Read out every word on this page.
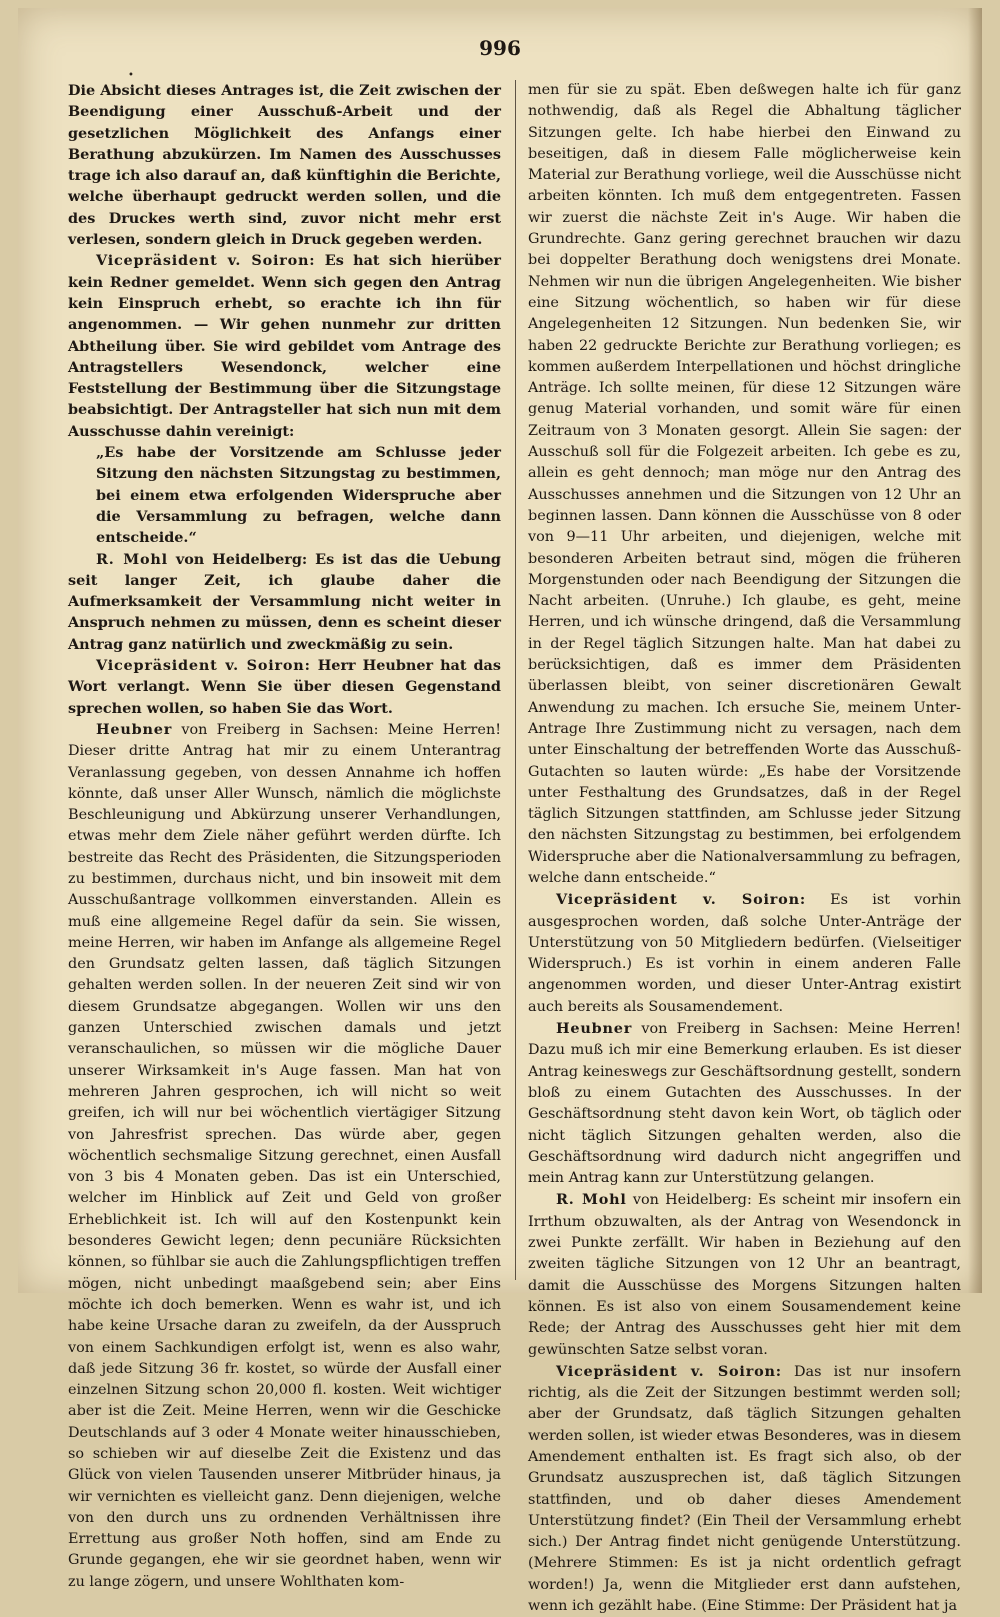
996
•

Die Absicht dieses Antrages ist, die Zeit zwischen der Beendigung einer Ausschuß-Arbeit und der gesetzlichen Möglichkeit des Anfangs einer Berathung abzukürzen. Im Namen des Ausschusses trage ich also darauf an, daß künftighin die Berichte, welche überhaupt gedruckt werden sollen, und die des Druckes werth sind, zuvor nicht mehr erst verlesen, sondern gleich in Druck gegeben werden.

Vicepräsident v. Soiron: Es hat sich hierüber kein Redner gemeldet. Wenn sich gegen den Antrag kein Einspruch erhebt, so erachte ich ihn für angenommen. — Wir gehen nunmehr zur dritten Abtheilung über. Sie wird gebildet vom Antrage des Antragstellers Wesendonck, welcher eine Feststellung der Bestimmung über die Sitzungstage beabsichtigt. Der Antragsteller hat sich nun mit dem Ausschusse dahin vereinigt:

„Es habe der Vorsitzende am Schlusse jeder Sitzung den nächsten Sitzungstag zu bestimmen, bei einem etwa erfolgenden Widerspruche aber die Versammlung zu befragen, welche dann entscheide.“

R. Mohl von Heidelberg: Es ist das die Uebung seit langer Zeit, ich glaube daher die Aufmerksamkeit der Versammlung nicht weiter in Anspruch nehmen zu müssen, denn es scheint dieser Antrag ganz natürlich und zweckmäßig zu sein.

Vicepräsident v. Soiron: Herr Heubner hat das Wort verlangt. Wenn Sie über diesen Gegenstand sprechen wollen, so haben Sie das Wort.

Heubner von Freiberg in Sachsen: Meine Herren! Dieser dritte Antrag hat mir zu einem Unterantrag Veranlassung gegeben, von dessen Annahme ich hoffen könnte, daß unser Aller Wunsch, nämlich die möglichste Beschleunigung und Abkürzung unserer Verhandlungen, etwas mehr dem Ziele näher geführt werden dürfte. Ich bestreite das Recht des Präsidenten, die Sitzungsperioden zu bestimmen, durchaus nicht, und bin insoweit mit dem Ausschußantrage vollkommen einverstanden. Allein es muß eine allgemeine Regel dafür da sein. Sie wissen, meine Herren, wir haben im Anfange als allgemeine Regel den Grundsatz gelten lassen, daß täglich Sitzungen gehalten werden sollen. In der neueren Zeit sind wir von diesem Grundsatze abgegangen. Wollen wir uns den ganzen Unterschied zwischen damals und jetzt veranschaulichen, so müssen wir die mögliche Dauer unserer Wirksamkeit in's Auge fassen. Man hat von mehreren Jahren gesprochen, ich will nicht so weit greifen, ich will nur bei wöchentlich viertägiger Sitzung von Jahresfrist sprechen. Das würde aber, gegen wöchentlich sechsmalige Sitzung gerechnet, einen Ausfall von 3 bis 4 Monaten geben. Das ist ein Unterschied, welcher im Hinblick auf Zeit und Geld von großer Erheblichkeit ist. Ich will auf den Kostenpunkt kein besonderes Gewicht legen; denn pecuniäre Rücksichten können, so fühlbar sie auch die Zahlungspflichtigen treffen mögen, nicht unbedingt maaßgebend sein; aber Eins möchte ich doch bemerken. Wenn es wahr ist, und ich habe keine Ursache daran zu zweifeln, da der Ausspruch von einem Sachkundigen erfolgt ist, wenn es also wahr, daß jede Sitzung 36 fr. kostet, so würde der Ausfall einer einzelnen Sitzung schon 20,000 fl. kosten. Weit wichtiger aber ist die Zeit. Meine Herren, wenn wir die Geschicke Deutschlands auf 3 oder 4 Monate weiter hinausschieben, so schieben wir auf dieselbe Zeit die Existenz und das Glück von vielen Tausenden unserer Mitbrüder hinaus, ja wir vernichten es vielleicht ganz. Denn diejenigen, welche von den durch uns zu ordnenden Verhältnissen ihre Errettung aus großer Noth hoffen, sind am Ende zu Grunde gegangen, ehe wir sie geordnet haben, wenn wir zu lange zögern, und unsere Wohlthaten kom-

men für sie zu spät. Eben deßwegen halte ich für ganz nothwendig, daß als Regel die Abhaltung täglicher Sitzungen gelte. Ich habe hierbei den Einwand zu beseitigen, daß in diesem Falle möglicherweise kein Material zur Berathung vorliege, weil die Ausschüsse nicht arbeiten könnten. Ich muß dem entgegentreten. Fassen wir zuerst die nächste Zeit in's Auge. Wir haben die Grundrechte. Ganz gering gerechnet brauchen wir dazu bei doppelter Berathung doch wenigstens drei Monate. Nehmen wir nun die übrigen Angelegenheiten. Wie bisher eine Sitzung wöchentlich, so haben wir für diese Angelegenheiten 12 Sitzungen. Nun bedenken Sie, wir haben 22 gedruckte Berichte zur Berathung vorliegen; es kommen außerdem Interpellationen und höchst dringliche Anträge. Ich sollte meinen, für diese 12 Sitzungen wäre genug Material vorhanden, und somit wäre für einen Zeitraum von 3 Monaten gesorgt. Allein Sie sagen: der Ausschuß soll für die Folgezeit arbeiten. Ich gebe es zu, allein es geht dennoch; man möge nur den Antrag des Ausschusses annehmen und die Sitzungen von 12 Uhr an beginnen lassen. Dann können die Ausschüsse von 8 oder von 9—11 Uhr arbeiten, und diejenigen, welche mit besonderen Arbeiten betraut sind, mögen die früheren Morgenstunden oder nach Beendigung der Sitzungen die Nacht arbeiten. (Unruhe.) Ich glaube, es geht, meine Herren, und ich wünsche dringend, daß die Versammlung in der Regel täglich Sitzungen halte. Man hat dabei zu berücksichtigen, daß es immer dem Präsidenten überlassen bleibt, von seiner discretionären Gewalt Anwendung zu machen. Ich ersuche Sie, meinem Unter-Antrage Ihre Zustimmung nicht zu versagen, nach dem unter Einschaltung der betreffenden Worte das Ausschuß-Gutachten so lauten würde: „Es habe der Vorsitzende unter Festhaltung des Grundsatzes, daß in der Regel täglich Sitzungen stattfinden, am Schlusse jeder Sitzung den nächsten Sitzungstag zu bestimmen, bei erfolgendem Widerspruche aber die Nationalversammlung zu befragen, welche dann entscheide.“

Vicepräsident v. Soiron: Es ist vorhin ausgesprochen worden, daß solche Unter-Anträge der Unterstützung von 50 Mitgliedern bedürfen. (Vielseitiger Widerspruch.) Es ist vorhin in einem anderen Falle angenommen worden, und dieser Unter-Antrag existirt auch bereits als Sousamendement.

Heubner von Freiberg in Sachsen: Meine Herren! Dazu muß ich mir eine Bemerkung erlauben. Es ist dieser Antrag keineswegs zur Geschäftsordnung gestellt, sondern bloß zu einem Gutachten des Ausschusses. In der Geschäftsordnung steht davon kein Wort, ob täglich oder nicht täglich Sitzungen gehalten werden, also die Geschäftsordnung wird dadurch nicht angegriffen und mein Antrag kann zur Unterstützung gelangen.

R. Mohl von Heidelberg: Es scheint mir insofern ein Irrthum obzuwalten, als der Antrag von Wesendonck in zwei Punkte zerfällt. Wir haben in Beziehung auf den zweiten tägliche Sitzungen von 12 Uhr an beantragt, damit die Ausschüsse des Morgens Sitzungen halten können. Es ist also von einem Sousamendement keine Rede; der Antrag des Ausschusses geht hier mit dem gewünschten Satze selbst voran.

Vicepräsident v. Soiron: Das ist nur insofern richtig, als die Zeit der Sitzungen bestimmt werden soll; aber der Grundsatz, daß täglich Sitzungen gehalten werden sollen, ist wieder etwas Besonderes, was in diesem Amendement enthalten ist. Es fragt sich also, ob der Grundsatz auszusprechen ist, daß täglich Sitzungen stattfinden, und ob daher dieses Amendement Unterstützung findet? (Ein Theil der Versammlung erhebt sich.) Der Antrag findet nicht genügende Unterstützung. (Mehrere Stimmen: Es ist ja nicht ordentlich gefragt worden!) Ja, wenn die Mitglieder erst dann aufstehen, wenn ich gezählt habe. (Eine Stimme: Der Präsident hat ja
